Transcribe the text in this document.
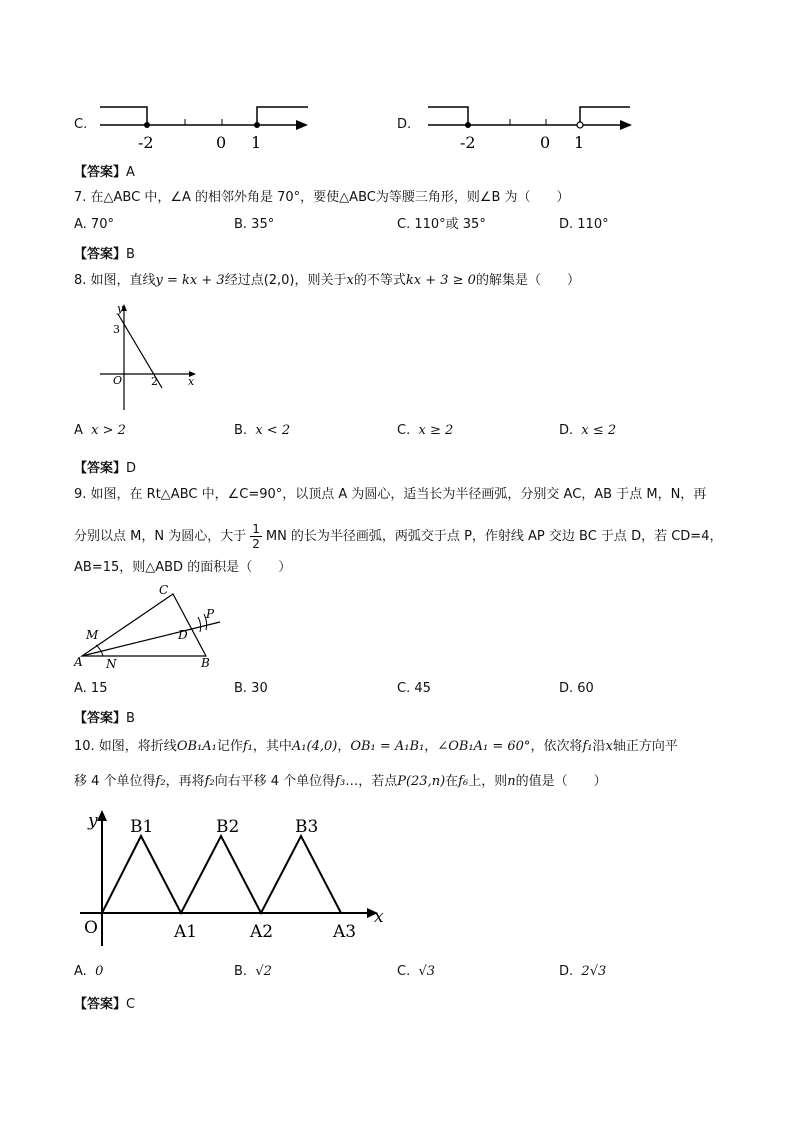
C.
-2	0 1
D.
-2	0 1
【答案】A
7. 在△ABC 中，∠A 的相邻外角是 70°，要使△ABC为等腰三角形，则∠B 为（　　）
A. 70°	B. 35°	C. 110°或 35°	D. 110°
【答案】B
8. 如图，直线y = kx + 3经过点(2,0)，则关于x的不等式kx + 3 ≥ 0的解集是（　　）
y
x
O
3
2
A x > 2	B. x < 2	C. x ≥ 2	D. x ≤ 2
【答案】D
9. 如图，在 Rt△ABC 中，∠C=90°，以顶点 A 为圆心，适当长为半径画弧，分别交 AC，AB 于点 M，N，再
分别以点 M，N 为圆心，大于 1
2
MN 的长为半径画弧，两弧交于点 P，作射线 AP 交边 BC 于点 D，若 CD=4，
AB=15，则△ABD 的面积是（　　）
A	B
C
D
M
N
P
A. 15	B. 30	C. 45	D. 60
【答案】B
10. 如图，将折线OB₁A₁记作f₁，其中A₁(4,0)，OB₁ = A₁B₁，∠OB₁A₁ = 60°，依次将f₁沿x轴正方向平
移 4 个单位得f₂，再将f₂向右平移 4 个单位得f₃…，若点P(23,n)在f₆上，则n的值是（　　）
y
x
O
B1	B2	B3
A1	A2	A3
A. 0	B. √2	C. √3	D. 2√3
【答案】C
